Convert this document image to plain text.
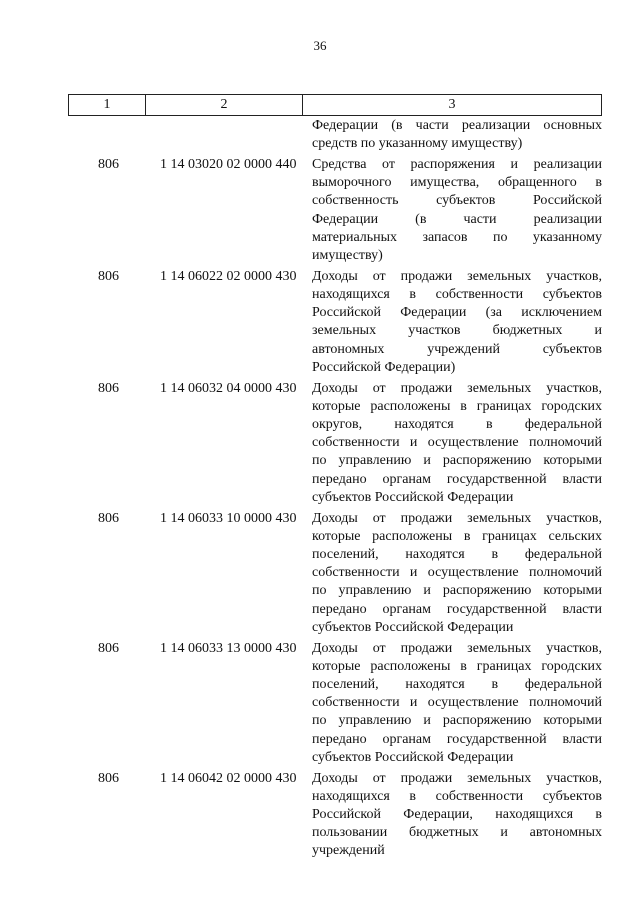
36
1	2	3
Федерации (в части реализации основных
средств по указанному имуществу)
806	1 14 03020 02 0000 440	Средства от распоряжения и реализации
выморочного имущества, обращенного в
собственность субъектов Российской
Федерации (в части реализации
материальных запасов по указанному
имуществу)
806	1 14 06022 02 0000 430	Доходы от продажи земельных участков,
находящихся в собственности субъектов
Российской Федерации (за исключением
земельных участков бюджетных и
автономных учреждений субъектов
Российской Федерации)
806	1 14 06032 04 0000 430	Доходы от продажи земельных участков,
которые расположены в границах городских
округов, находятся в федеральной
собственности и осуществление полномочий
по управлению и распоряжению которыми
передано органам государственной власти
субъектов Российской Федерации
806	1 14 06033 10 0000 430	Доходы от продажи земельных участков,
которые расположены в границах сельских
поселений, находятся в федеральной
собственности и осуществление полномочий
по управлению и распоряжению которыми
передано органам государственной власти
субъектов Российской Федерации
806	1 14 06033 13 0000 430	Доходы от продажи земельных участков,
которые расположены в границах городских
поселений, находятся в федеральной
собственности и осуществление полномочий
по управлению и распоряжению которыми
передано органам государственной власти
субъектов Российской Федерации
806	1 14 06042 02 0000 430	Доходы от продажи земельных участков,
находящихся в собственности субъектов
Российской Федерации, находящихся в
пользовании бюджетных и автономных
учреждений
